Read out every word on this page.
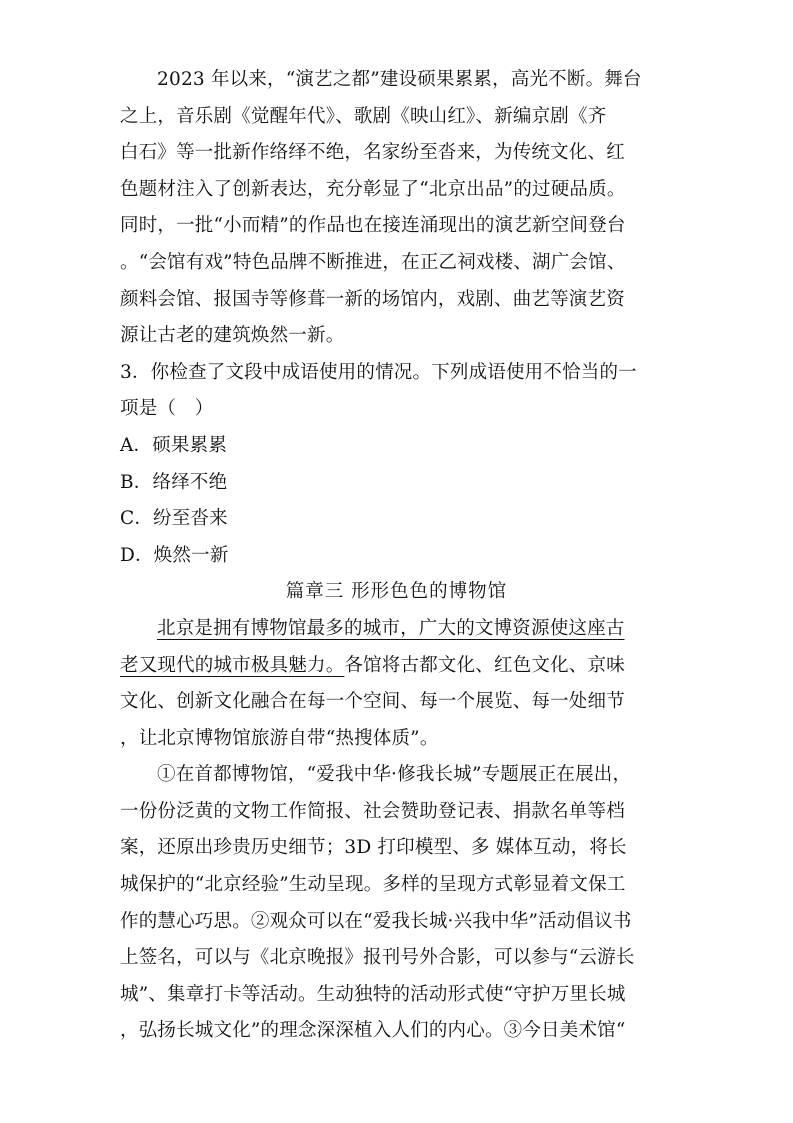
2023 年以来，“演艺之都”建设硕果累累，高光不断。舞台
之上，音乐剧《觉醒年代》、歌剧《映山红》、新编京剧《齐
白石》等一批新作络绎不绝，名家纷至沓来，为传统文化、红
色题材注入了创新表达，充分彰显了“北京出品”的过硬品质。
同时，一批“小而精”的作品也在接连涌现出的演艺新空间登台
。“会馆有戏”特色品牌不断推进，在正乙祠戏楼、湖广会馆、
颜料会馆、报国寺等修葺一新的场馆内，戏剧、曲艺等演艺资
源让古老的建筑焕然一新。
3．你检查了文段中成语使用的情况。下列成语使用不恰当的一
项是（　）
A．硕果累累
B．络绎不绝
C．纷至沓来
D．焕然一新
篇章三 形形色色的博物馆
北京是拥有博物馆最多的城市，广大的文博资源使这座古
老又现代的城市极具魅力。各馆将古都文化、红色文化、京味
文化、创新文化融合在每一个空间、每一个展览、每一处细节
，让北京博物馆旅游自带“热搜体质”。
①在首都博物馆，“爱我中华·修我长城”专题展正在展出，
一份份泛黄的文物工作简报、社会赞助登记表、捐款名单等档
案，还原出珍贵历史细节；3D 打印模型、多 媒体互动，将长
城保护的“北京经验”生动呈现。多样的呈现方式彰显着文保工
作的慧心巧思。②观众可以在“爱我长城·兴我中华”活动倡议书
上签名，可以与《北京晚报》报刊号外合影，可以参与“云游长
城”、集章打卡等活动。生动独特的活动形式使“守护万里长城
，弘扬长城文化”的理念深深植入人们的内心。③今日美术馆“
